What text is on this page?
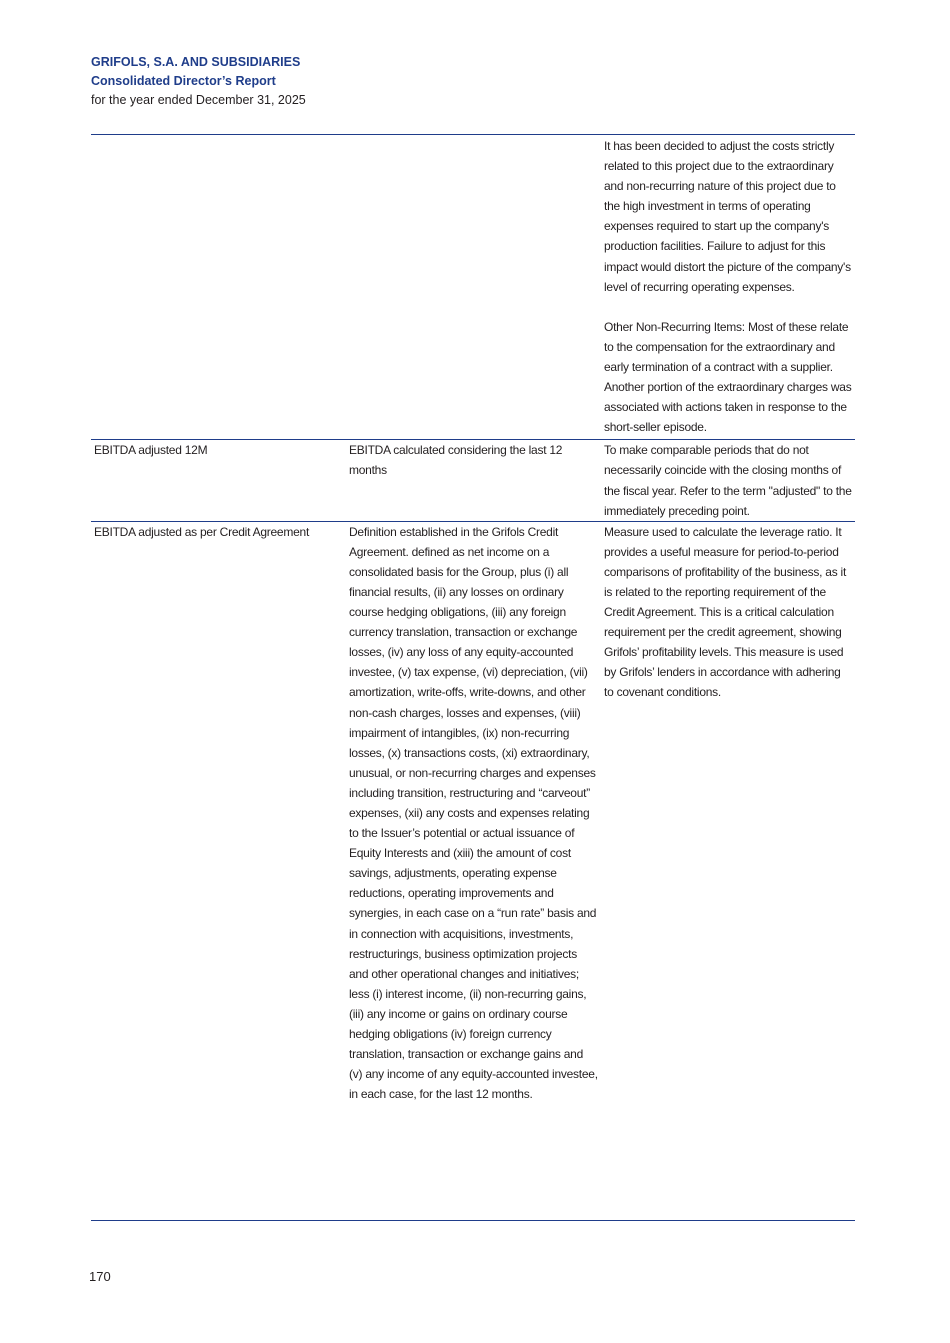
GRIFOLS, S.A. AND SUBSIDIARIES
Consolidated Director’s Report
for the year ended December 31, 2025
It has been decided to adjust the costs strictly related to this project due to the extraordinary and non-recurring nature of this project due to the high investment in terms of operating expenses required to start up the company's production facilities. Failure to adjust for this impact would distort the picture of the company's level of recurring operating expenses.
Other Non-Recurring Items: Most of these relate to the compensation for the extraordinary and early termination of a contract with a supplier. Another portion of the extraordinary charges was associated with actions taken in response to the short-seller episode.
EBITDA adjusted 12M	EBITDA calculated considering the last 12 months
To make comparable periods that do not necessarily coincide with the closing months of the fiscal year. Refer to the term "adjusted" to the immediately preceding point.
EBITDA adjusted as per Credit Agreement	Definition established in the Grifols Credit Agreement. defined as net income on a consolidated basis for the Group, plus (i) all financial results, (ii) any losses on ordinary course hedging obligations, (iii) any foreign currency translation, transaction or exchange losses, (iv) any loss of any equity-accounted investee, (v) tax expense, (vi) depreciation, (vii) amortization, write-offs, write-downs, and other non-cash charges, losses and expenses, (viii) impairment of intangibles, (ix) non-recurring losses, (x) transactions costs, (xi) extraordinary, unusual, or non-recurring charges and expenses including transition, restructuring and “carveout” expenses, (xii) any costs and expenses relating to the Issuer’s potential or actual issuance of Equity Interests and (xiii) the amount of cost savings, adjustments, operating expense reductions, operating improvements and synergies, in each case on a “run rate” basis and in connection with acquisitions, investments, restructurings, business optimization projects and other operational changes and initiatives; less (i) interest income, (ii) non-recurring gains, (iii) any income or gains on ordinary course hedging obligations (iv) foreign currency translation, transaction or exchange gains and (v) any income of any equity-accounted investee, in each case, for the last 12 months.
Measure used to calculate the leverage ratio. It provides a useful measure for period-to-period comparisons of profitability of the business, as it is related to the reporting requirement of the Credit Agreement. This is a critical calculation requirement per the credit agreement, showing Grifols’ profitability levels. This measure is used by Grifols’ lenders in accordance with adhering to covenant conditions.
170
